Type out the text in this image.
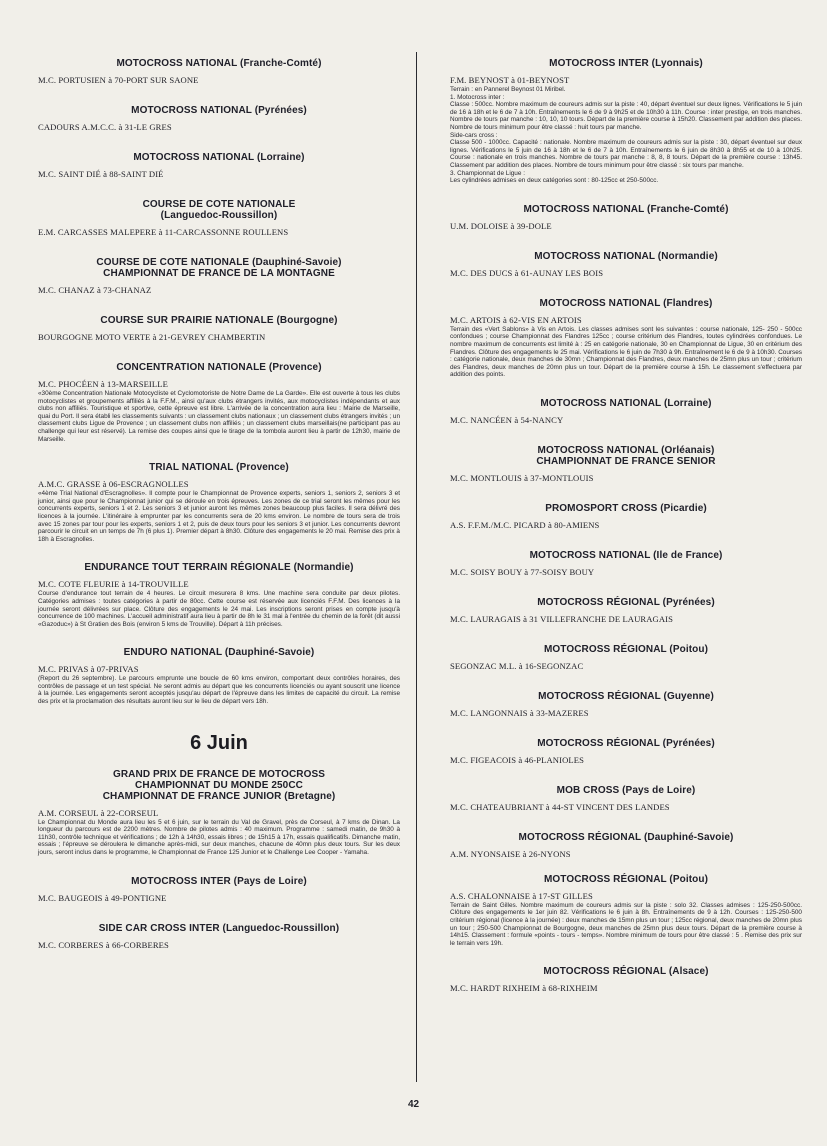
MOTOCROSS NATIONAL (Franche-Comté)
M.C. PORTUSIEN à 70-PORT SUR SAONE
MOTOCROSS NATIONAL (Pyrénées)
CADOURS A.M.C.C. à 31-LE GRES
MOTOCROSS NATIONAL (Lorraine)
M.C. SAINT DIÉ à 88-SAINT DIÉ
COURSE DE COTE NATIONALE
(Languedoc-Roussillon)
E.M. CARCASSES MALEPERE à 11-CARCASSONNE ROULLENS
COURSE DE COTE NATIONALE (Dauphiné-Savoie)
CHAMPIONNAT DE FRANCE DE LA MONTAGNE
M.C. CHANAZ à 73-CHANAZ
COURSE SUR PRAIRIE NATIONALE (Bourgogne)
BOURGOGNE MOTO VERTE à 21-GEVREY CHAMBERTIN
CONCENTRATION NATIONALE (Provence)
M.C. PHOCÉEN à 13-MARSEILLE
«30ème Concentration Nationale Motocycliste et Cyclomotoriste de Notre Dame de La Garde». Elle est ouverte à tous les clubs motocyclistes et groupements affiliés à la F.F.M., ainsi qu'aux clubs étrangers invités, aux motocyclistes indépendants et aux clubs non affiliés. Touristique et sportive, cette épreuve est libre. L'arrivée de la concentration aura lieu : Mairie de Marseille, quai du Port. Il sera établi les classements suivants : un classement clubs nationaux ; un classement clubs étrangers invités ; un classement clubs Ligue de Provence ; un classement clubs non affiliés ; un classement clubs marseillais(ne participant pas au challenge qui leur est réservé). La remise des coupes ainsi que le tirage de la tombola auront lieu à partir de 12h30, mairie de Marseille.
TRIAL NATIONAL (Provence)
A.M.C. GRASSE à 06-ESCRAGNOLLES
«4ème Trial National d'Escragnolles». Il compte pour le Championnat de Provence experts, seniors 1, seniors 2, seniors 3 et junior, ainsi que pour le Championnat junior qui se déroule en trois épreuves. Les zones de ce trial seront les mêmes pour les concurrents experts, seniors 1 et 2. Les seniors 3 et junior auront les mêmes zones beaucoup plus faciles. Il sera délivré des licences à la journée. L'itinéraire à emprunter par les concurrents sera de 20 kms environ. Le nombre de tours sera de trois avec 15 zones par tour pour les experts, seniors 1 et 2, puis de deux tours pour les seniors 3 et junior. Les concurrents devront parcourir le circuit en un temps de 7h (6 plus 1). Premier départ à 8h30. Clôture des engagements le 20 mai. Remise des prix à 18h à Escragnolles.
ENDURANCE TOUT TERRAIN RÉGIONALE (Normandie)
M.C. COTE FLEURIE à 14-TROUVILLE
Course d'endurance tout terrain de 4 heures. Le circuit mesurera 8 kms. Une machine sera conduite par deux pilotes. Catégories admises : toutes catégories à partir de 80cc. Cette course est réservée aux licenciés F.F.M. Des licences à la journée seront délivrées sur place. Clôture des engagements le 24 mai. Les inscriptions seront prises en compte jusqu'à concurrence de 100 machines. L'accueil administratif aura lieu à partir de 8h le 31 mai à l'entrée du chemin de la forêt (dit aussi «Gazoduc») à St Gratien des Bois (environ 5 kms de Trouville). Départ à 11h précises.
ENDURO NATIONAL (Dauphiné-Savoie)
M.C. PRIVAS à 07-PRIVAS
(Report du 26 septembre). Le parcours emprunte une boucle de 60 kms environ, comportant deux contrôles horaires, des contrôles de passage et un test spécial. Ne seront admis au départ que les concurrents licenciés ou ayant souscrit une licence à la journée. Les engagements seront acceptés jusqu'au départ de l'épreuve dans les limites de capacité du circuit. La remise des prix et la proclamation des résultats auront lieu sur le lieu de départ vers 18h.
6 Juin
GRAND PRIX DE FRANCE DE MOTOCROSS
CHAMPIONNAT DU MONDE 250CC
CHAMPIONNAT DE FRANCE JUNIOR (Bretagne)
A.M. CORSEUL à 22-CORSEUL
Le Championnat du Monde aura lieu les 5 et 6 juin, sur le terrain du Val de Gravel, près de Corseul, à 7 kms de Dinan. La longueur du parcours est de 2200 mètres. Nombre de pilotes admis : 40 maximum. Programme : samedi matin, de 9h30 à 11h30, contrôle technique et vérifications ; de 12h à 14h30, essais libres ; de 15h15 à 17h, essais qualificatifs. Dimanche matin, essais ; l'épreuve se déroulera le dimanche après-midi, sur deux manches, chacune de 40mn plus deux tours. Sur les deux jours, seront inclus dans le programme, le Championnat de France 125 Junior et le Challenge Lee Cooper - Yamaha.
MOTOCROSS INTER (Pays de Loire)
M.C. BAUGEOIS à 49-PONTIGNE
SIDE CAR CROSS INTER (Languedoc-Roussillon)
M.C. CORBERES à 66-CORBERES
MOTOCROSS INTER (Lyonnais)
F.M. BEYNOST à 01-BEYNOST

Terrain : en Pannerel Beynost 01 Miribel.

1. Motocross inter :

Classe : 500cc. Nombre maximum de coureurs admis sur la piste : 40, départ éventuel sur deux lignes. Vérifications le 5 juin de 16 à 18h et le 6 de 7 à 10h. Entraînements le 6 de 9 à 9h25 et de 10h30 à 11h. Course : inter prestige, en trois manches. Nombre de tours par manche : 10, 10, 10 tours. Départ de la première course à 15h20. Classement par addition des places. Nombre de tours minimum pour être classé : huit tours par manche.

Side-cars cross :

Classe 500 - 1000cc. Capacité : nationale. Nombre maximum de coureurs admis sur la piste : 30, départ éventuel sur deux lignes. Vérifications le 5 juin de 16 à 18h et le 6 de 7 à 10h. Entraînements le 6 juin de 8h30 à 8h55 et de 10 à 10h25. Course : nationale en trois manches. Nombre de tours par manche : 8, 8, 8 tours. Départ de la première course : 13h45. Classement par addition des places. Nombre de tours minimum pour être classé : six tours par manche.

3. Championnat de Ligue :

Les cylindrées admises en deux catégories sont : 80-125cc et 250-500cc.

MOTOCROSS NATIONAL (Franche-Comté)
U.M. DOLOISE à 39-DOLE
MOTOCROSS NATIONAL (Normandie)
M.C. DES DUCS à 61-AUNAY LES BOIS
MOTOCROSS NATIONAL (Flandres)
M.C. ARTOIS à 62-VIS EN ARTOIS
Terrain des «Vert Sablons» à Vis en Artois. Les classes admises sont les suivantes : course nationale, 125- 250 - 500cc confondues ; course Championnat des Flandres 125cc ; course critérium des Flandres, toutes cylindrées confondues. Le nombre maximum de concurrents est limité à : 25 en catégorie nationale, 30 en Championnat de Ligue, 30 en critérium des Flandres. Clôture des engagements le 25 mai. Vérifications le 6 juin de 7h30 à 9h. Entraînement le 6 de 9 à 10h30. Courses : catégorie nationale, deux manches de 30mn ; Championnat des Flandres, deux manches de 25mn plus un tour ; critérium des Flandres, deux manches de 20mn plus un tour. Départ de la première course à 15h. Le classement s'effectuera par addition des points.
MOTOCROSS NATIONAL (Lorraine)
M.C. NANCÉEN à 54-NANCY
MOTOCROSS NATIONAL (Orléanais)
CHAMPIONNAT DE FRANCE SENIOR
M.C. MONTLOUIS à 37-MONTLOUIS
PROMOSPORT CROSS (Picardie)
A.S. F.F.M./M.C. PICARD à 80-AMIENS
MOTOCROSS NATIONAL (Ile de France)
M.C. SOISY BOUY à 77-SOISY BOUY
MOTOCROSS RÉGIONAL (Pyrénées)
M.C. LAURAGAIS à 31 VILLEFRANCHE DE LAURAGAIS
MOTOCROSS RÉGIONAL (Poitou)
SEGONZAC M.L. à 16-SEGONZAC
MOTOCROSS RÉGIONAL (Guyenne)
M.C. LANGONNAIS à 33-MAZERES
MOTOCROSS RÉGIONAL (Pyrénées)
M.C. FIGEACOIS à 46-PLANIOLES
MOB CROSS (Pays de Loire)
M.C. CHATEAUBRIANT à 44-ST VINCENT DES LANDES
MOTOCROSS RÉGIONAL (Dauphiné-Savoie)
A.M. NYONSAISE à 26-NYONS
MOTOCROSS RÉGIONAL (Poitou)
A.S. CHALONNAISE à 17-ST GILLES
Terrain de Saint Gilles. Nombre maximum de coureurs admis sur la piste : solo 32. Classes admises : 125-250-500cc. Clôture des engagements le 1er juin 82. Vérifications le 6 juin à 8h. Entraînements de 9 à 12h. Courses : 125-250-500 critérium régional (licence à la journée) : deux manches de 15mn plus un tour ; 125cc régional, deux manches de 20mn plus un tour ; 250-500 Championnat de Bourgogne, deux manches de 25mn plus deux tours. Départ de la première course à 14h15. Classement : formule «points - tours - temps». Nombre minimum de tours pour être classé : 5 . Remise des prix sur le terrain vers 19h.
MOTOCROSS RÉGIONAL (Alsace)
M.C. HARDT RIXHEIM à 68-RIXHEIM
42
